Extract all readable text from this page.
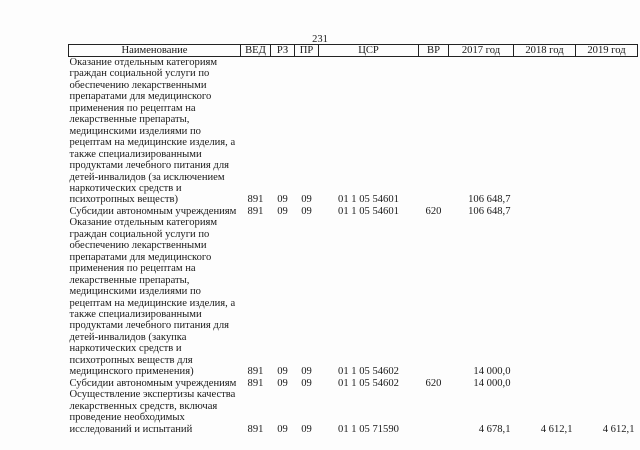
231
Наименование	ВЕД	РЗ	ПР	ЦСР	ВР	2017 год	2018 год	2019 год
Оказание отдельным категориям граждан социальной услуги по обеспечению лекарственными препаратами для медицинского применения по рецептам на лекарственные препараты, медицинскими изделиями по рецептам на медицинские изделия, а также специализированными продуктами лечебного питания для детей-инвалидов (за исключением наркотических средств и психотропных веществ)	891	09	09	01 1 05 54601		106 648,7		
Субсидии автономным учреждениям	891	09	09	01 1 05 54601	620	106 648,7		
Оказание отдельным категориям граждан социальной услуги по обеспечению лекарственными препаратами для медицинского применения по рецептам на лекарственные препараты, медицинскими изделиями по рецептам на медицинские изделия, а также специализированными продуктами лечебного питания для детей-инвалидов (закупка наркотических средств и психотропных веществ для медицинского применения)	891	09	09	01 1 05 54602		14 000,0		
Субсидии автономным учреждениям	891	09	09	01 1 05 54602	620	14 000,0		
Осуществление экспертизы качества лекарственных средств, включая проведение необходимых исследований и испытаний	891	09	09	01 1 05 71590		4 678,1	4 612,1	4 612,1
